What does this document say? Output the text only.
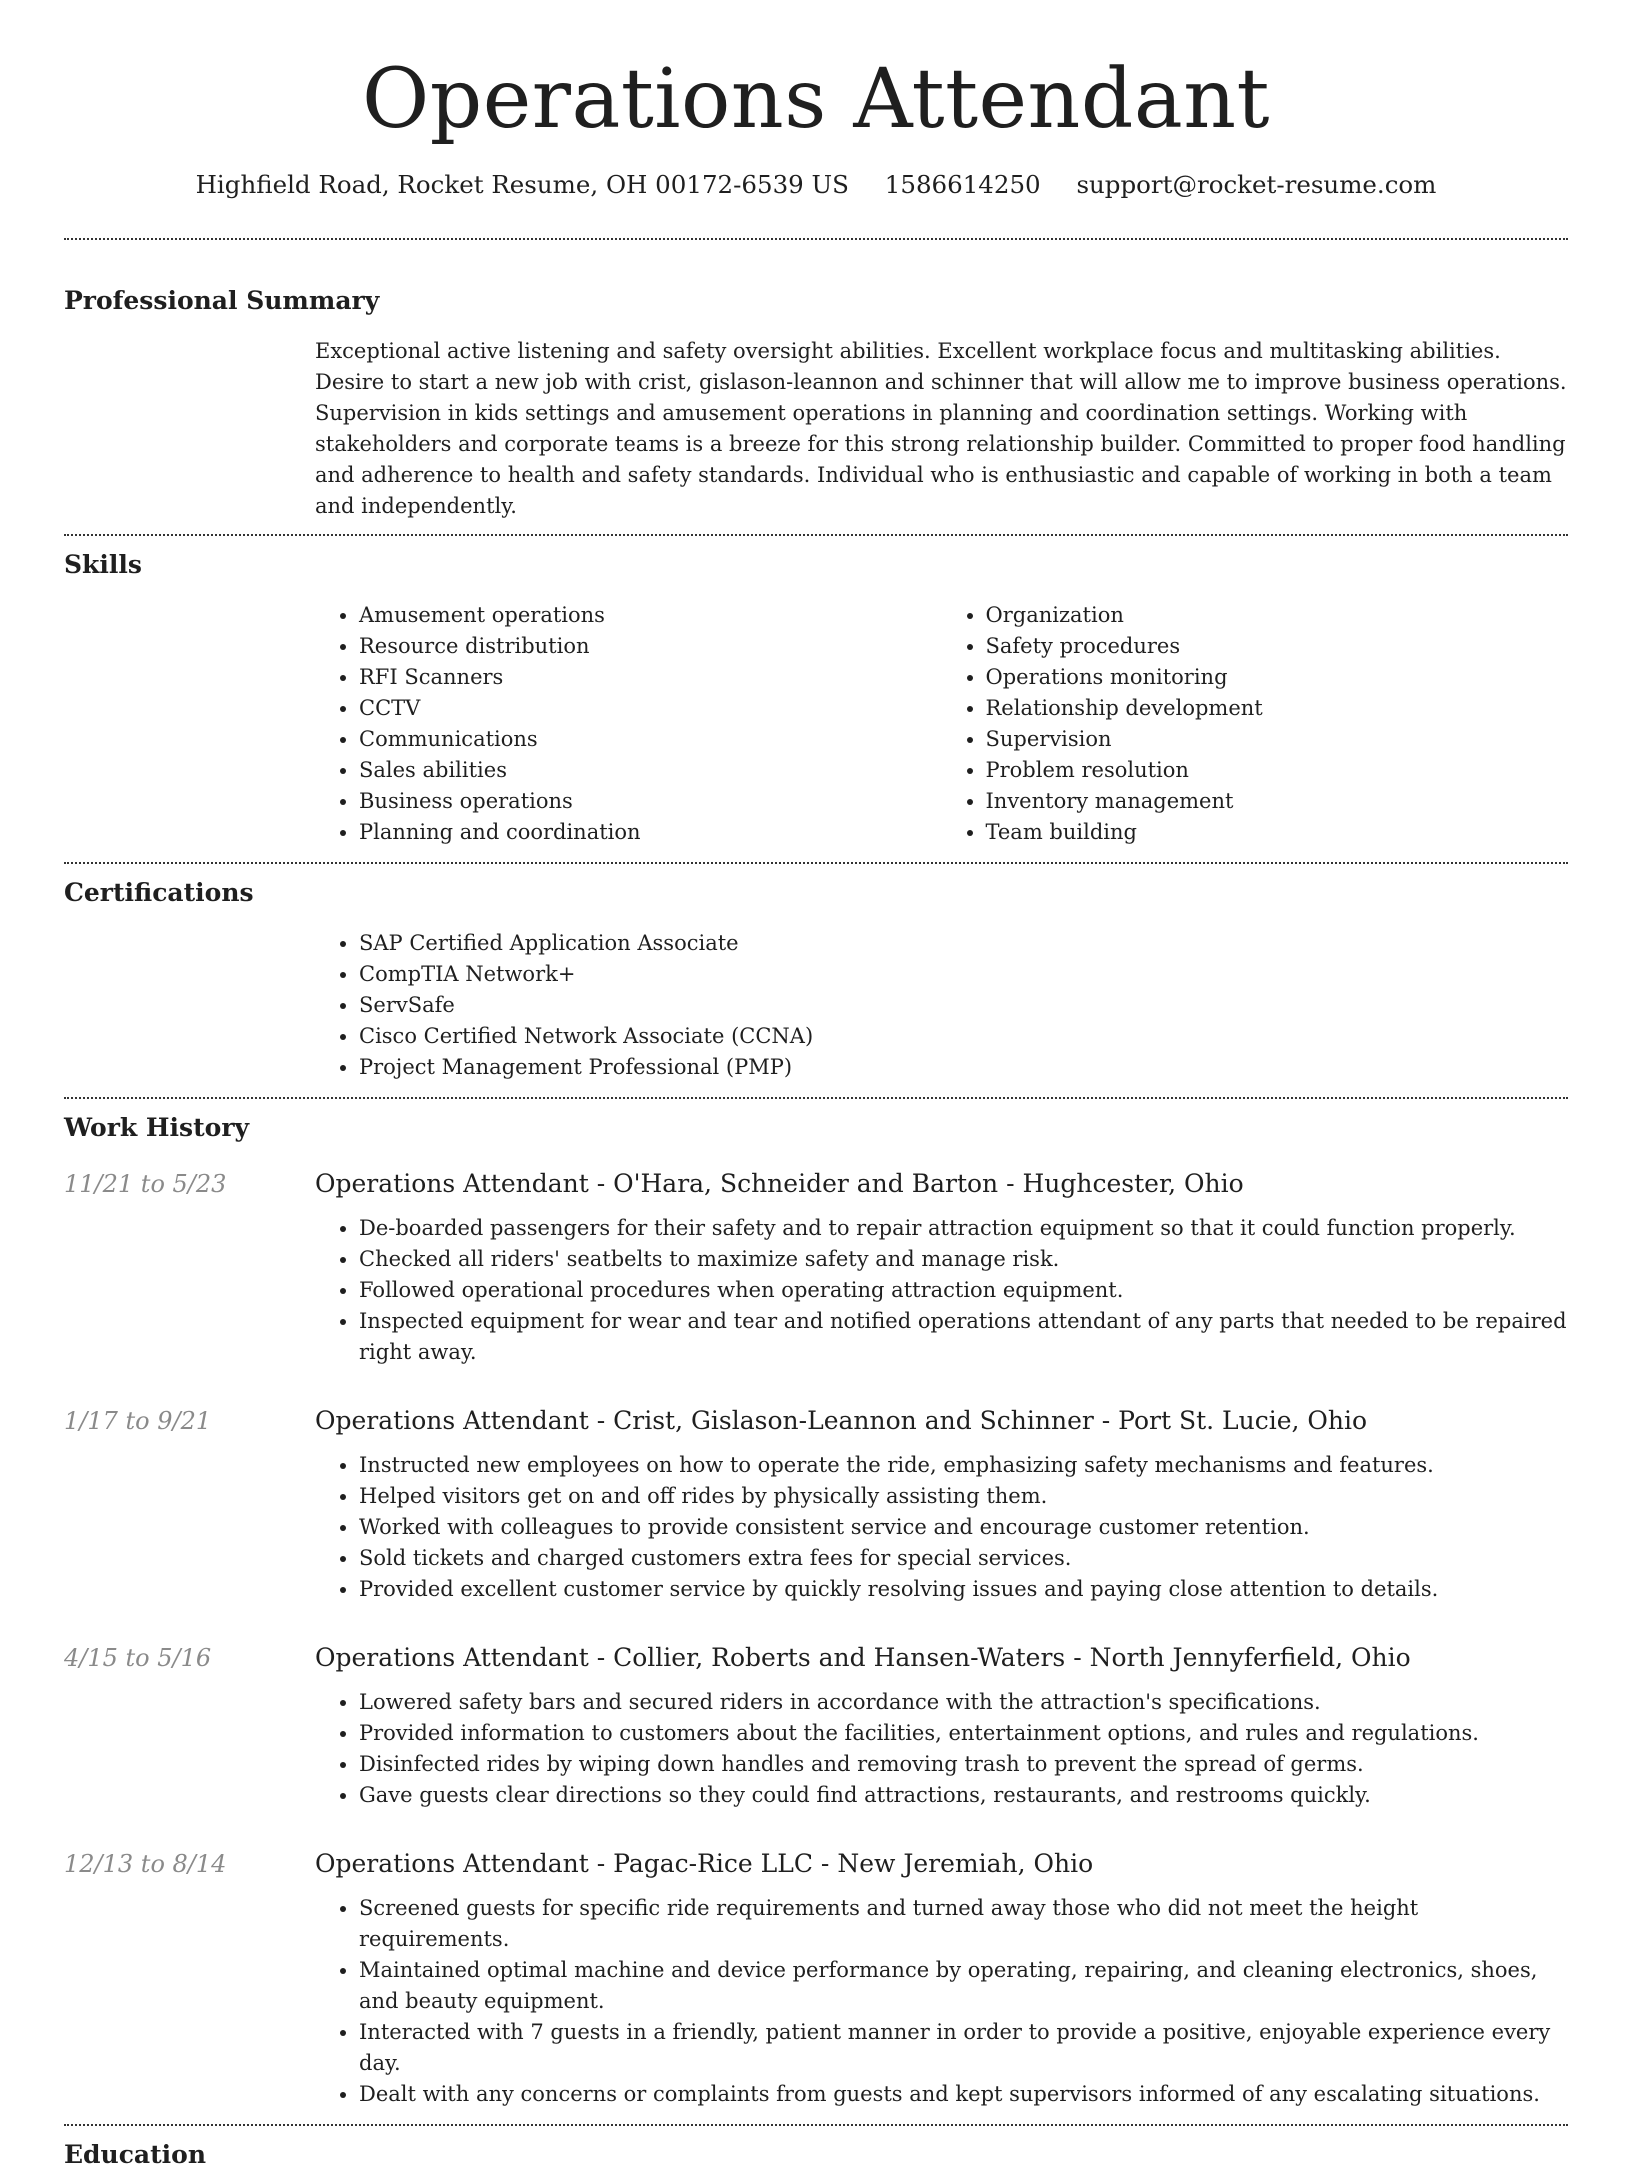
Operations Attendant
Highfield Road, Rocket Resume, OH 00172-6539 US 1586614250 support@rocket-resume.com
Professional Summary
Exceptional active listening and safety oversight abilities. Excellent workplace focus and multitasking abilities. Desire to start a new job with crist, gislason-leannon and schinner that will allow me to improve business operations. Supervision in kids settings and amusement operations in planning and coordination settings. Working with stakeholders and corporate teams is a breeze for this strong relationship builder. Committed to proper food handling and adherence to health and safety standards. Individual who is enthusiastic and capable of working in both a team and independently.
Skills
• Amusement operations
• Resource distribution
• RFI Scanners
• CCTV
• Communications
• Sales abilities
• Business operations
• Planning and coordination
• Organization
• Safety procedures
• Operations monitoring
• Relationship development
• Supervision
• Problem resolution
• Inventory management
• Team building
Certifications
• SAP Certified Application Associate
• CompTIA Network+
• ServSafe
• Cisco Certified Network Associate (CCNA)
• Project Management Professional (PMP)
Work History
11/21 to 5/23	Operations Attendant - O'Hara, Schneider and Barton - Hughcester, Ohio
• De-boarded passengers for their safety and to repair attraction equipment so that it could function properly.
• Checked all riders' seatbelts to maximize safety and manage risk.
• Followed operational procedures when operating attraction equipment.
• Inspected equipment for wear and tear and notified operations attendant of any parts that needed to be repaired right away.
1/17 to 9/21	Operations Attendant - Crist, Gislason-Leannon and Schinner - Port St. Lucie, Ohio
• Instructed new employees on how to operate the ride, emphasizing safety mechanisms and features.
• Helped visitors get on and off rides by physically assisting them.
• Worked with colleagues to provide consistent service and encourage customer retention.
• Sold tickets and charged customers extra fees for special services.
• Provided excellent customer service by quickly resolving issues and paying close attention to details.
4/15 to 5/16	Operations Attendant - Collier, Roberts and Hansen-Waters - North Jennyferfield, Ohio
• Lowered safety bars and secured riders in accordance with the attraction's specifications.
• Provided information to customers about the facilities, entertainment options, and rules and regulations.
• Disinfected rides by wiping down handles and removing trash to prevent the spread of germs.
• Gave guests clear directions so they could find attractions, restaurants, and restrooms quickly.
12/13 to 8/14	Operations Attendant - Pagac-Rice LLC - New Jeremiah, Ohio
• Screened guests for specific ride requirements and turned away those who did not meet the height requirements.
• Maintained optimal machine and device performance by operating, repairing, and cleaning electronics, shoes, and beauty equipment.
• Interacted with 7 guests in a friendly, patient manner in order to provide a positive, enjoyable experience every day.
• Dealt with any concerns or complaints from guests and kept supervisors informed of any escalating situations.
Education
